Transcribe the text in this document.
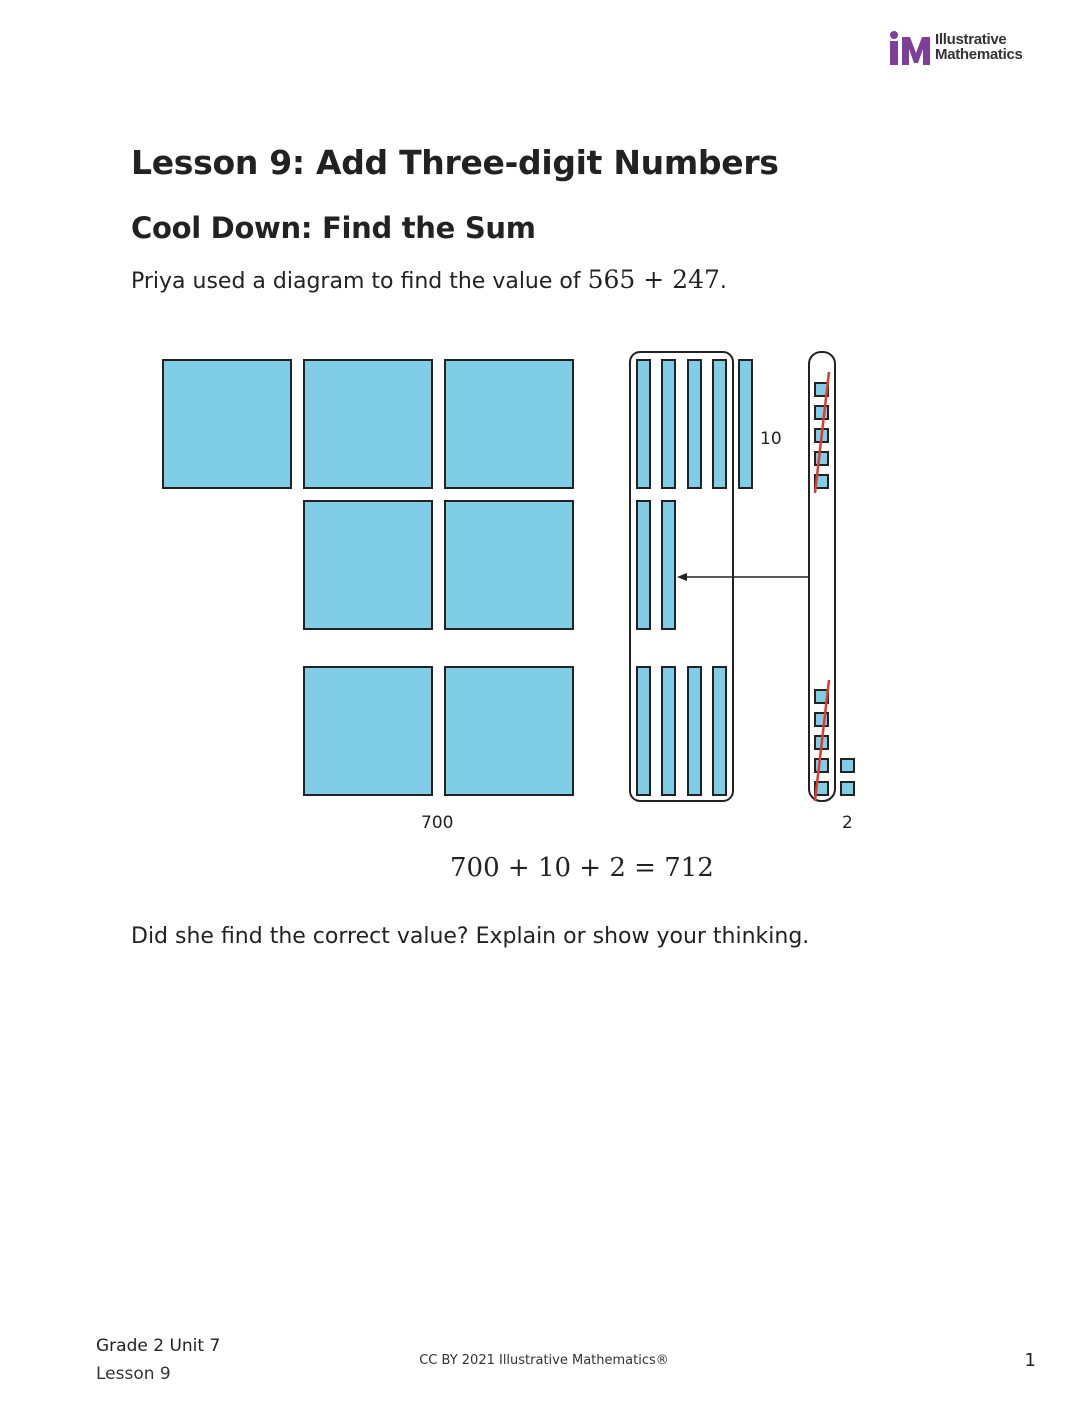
Illustrative
Mathematics
Lesson 9: Add Three-digit Numbers
Cool Down: Find the Sum
Priya used a diagram to find the value of 565 + 247.
10
700	2
700 + 10 + 2 = 712
Did she find the correct value? Explain or show your thinking.
Grade 2 Unit 7
Lesson 9
CC BY 2021 Illustrative Mathematics®	1
